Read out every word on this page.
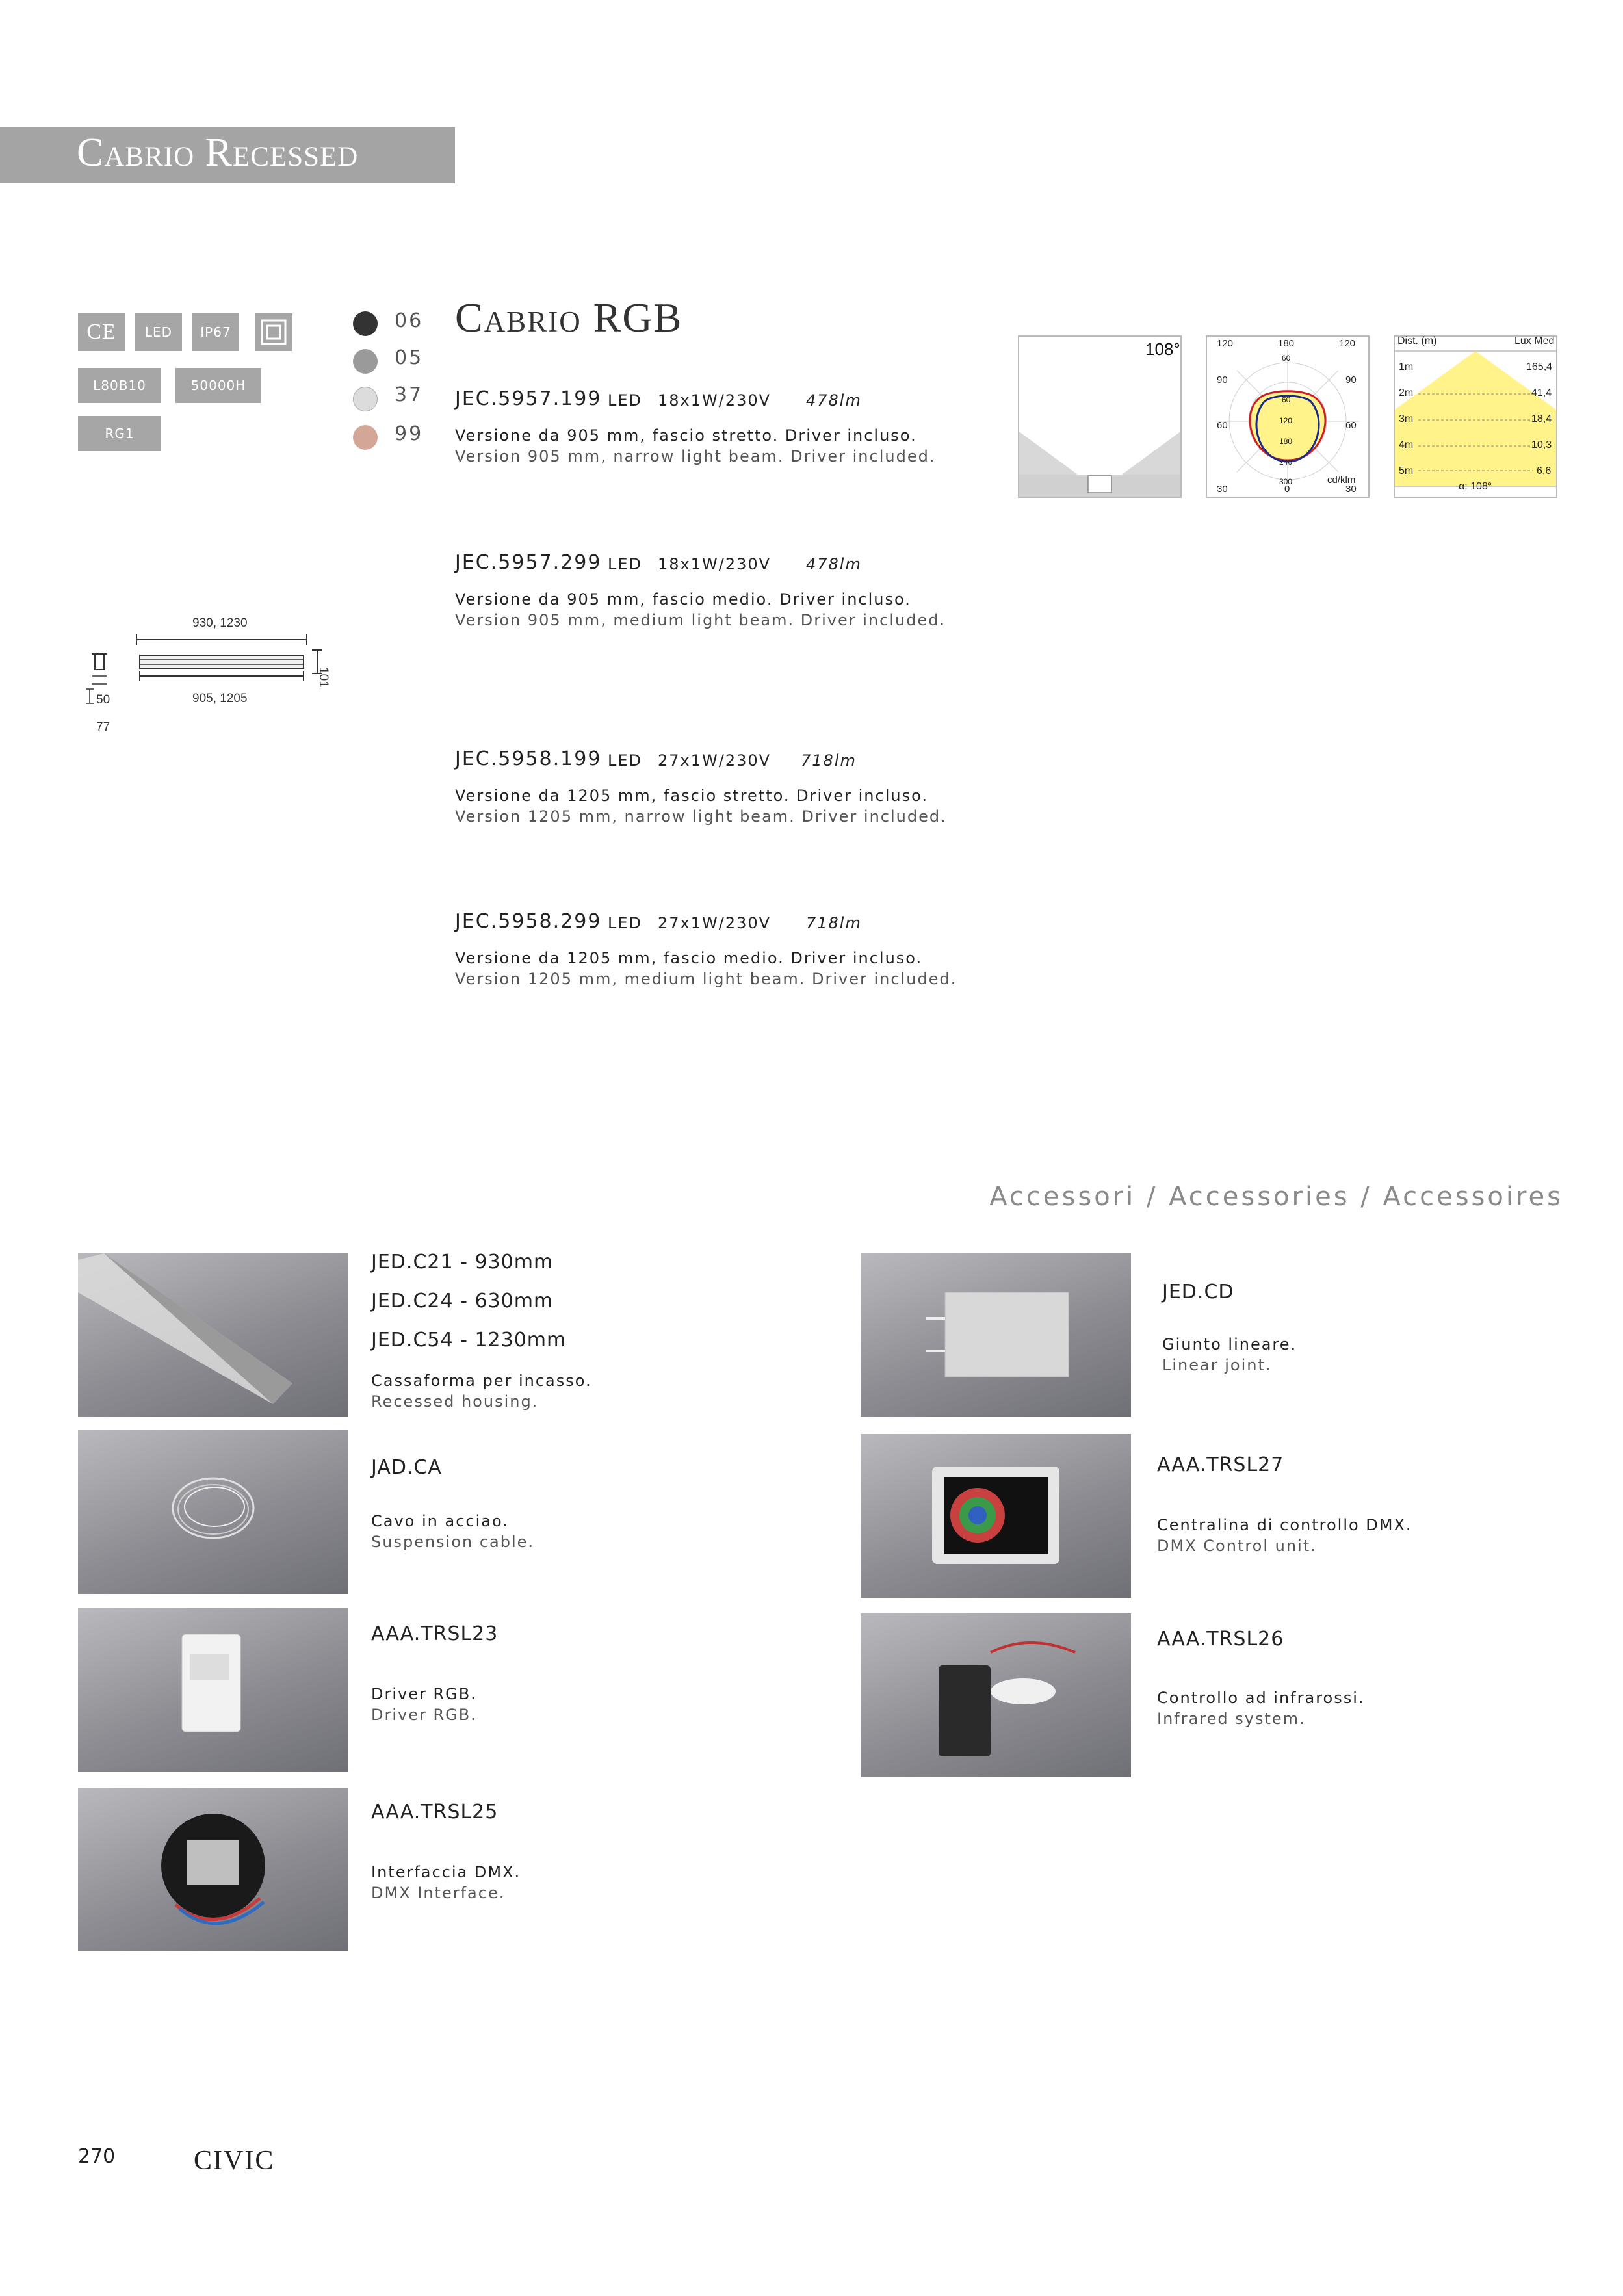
Cabrio Recessed
CE	LED	IP67
L80B10	50000H
RG1
06
05
37
99
Cabrio RGB
JEC.5957.199 LED 18x1W/230V 478lm
Versione da 905 mm, fascio stretto. Driver incluso.
Version 905 mm, narrow light beam. Driver included.
JEC.5957.299 LED 18x1W/230V 478lm
Versione da 905 mm, fascio medio. Driver incluso.
Version 905 mm, medium light beam. Driver included.
JEC.5958.199 LED 27x1W/230V 718lm
Versione da 1205 mm, fascio stretto. Driver incluso.
Version 1205 mm, narrow light beam. Driver included.
JEC.5958.299 LED 27x1W/230V 718lm
Versione da 1205 mm, fascio medio. Driver incluso.
Version 1205 mm, medium light beam. Driver included.
930, 1230
905, 1205
101
50
77
108°	120	180	120
90	90
60	60
30	0	30
cd/klm
60
60
120
180
240
300
Dist. (m)	Lux Med
1m	165,4
2m	41,4
3m	18,4
4m	10,3
5m	6,6
α: 108°
Accessori / Accessories / Accessoires
JED.C21 - 930mm
JED.C24 - 630mm
JED.C54 - 1230mm
Cassaforma per incasso.
Recessed housing.
JAD.CA
Cavo in acciao.
Suspension cable.
AAA.TRSL23
Driver RGB.
Driver RGB.
AAA.TRSL25
Interfaccia DMX.
DMX Interface.
JED.CD
Giunto lineare.
Linear joint.
AAA.TRSL27
Centralina di controllo DMX.
DMX Control unit.
AAA.TRSL26
Controllo ad infrarossi.
Infrared system.
270	CIVIC
